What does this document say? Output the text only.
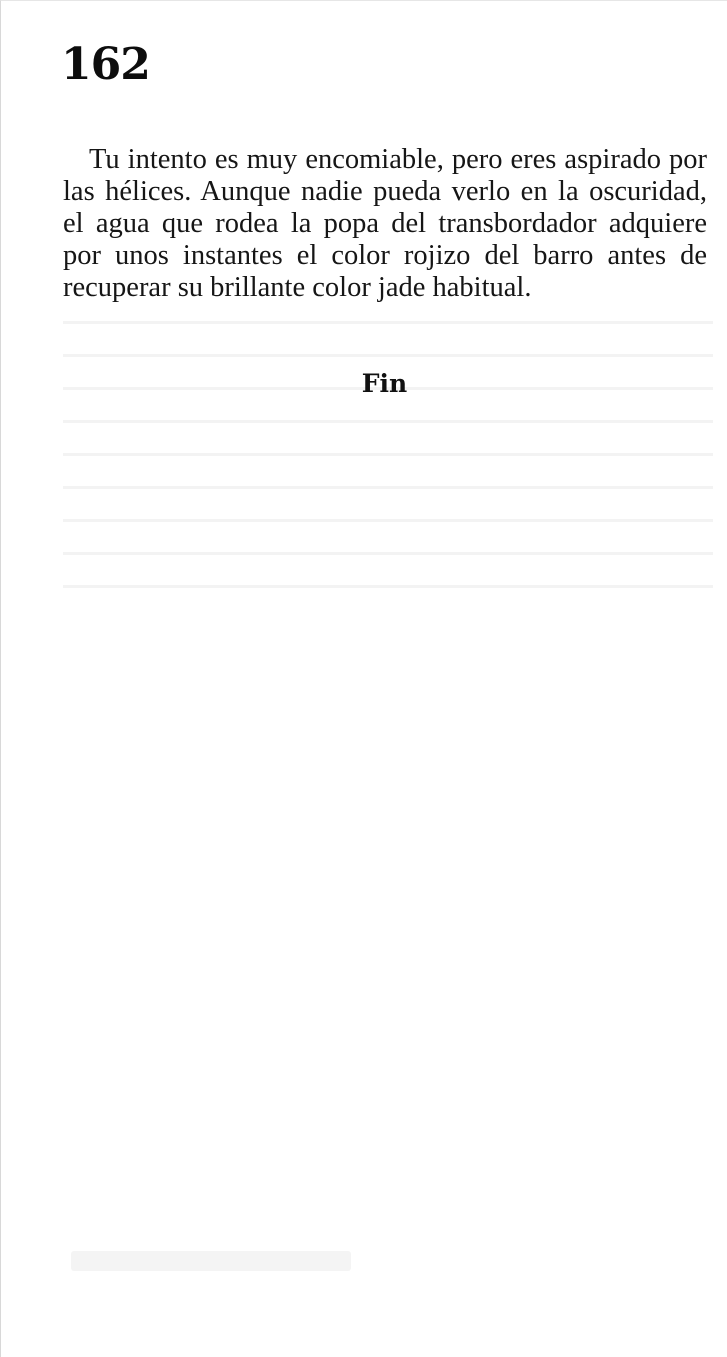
162

Tu intento es muy encomiable, pero eres aspirado por las hélices. Aunque nadie pueda verlo en la oscuridad, el agua que rodea la popa del transbordador adquiere por unos instantes el color rojizo del barro antes de recuperar su brillante color jade habitual.

Fin
